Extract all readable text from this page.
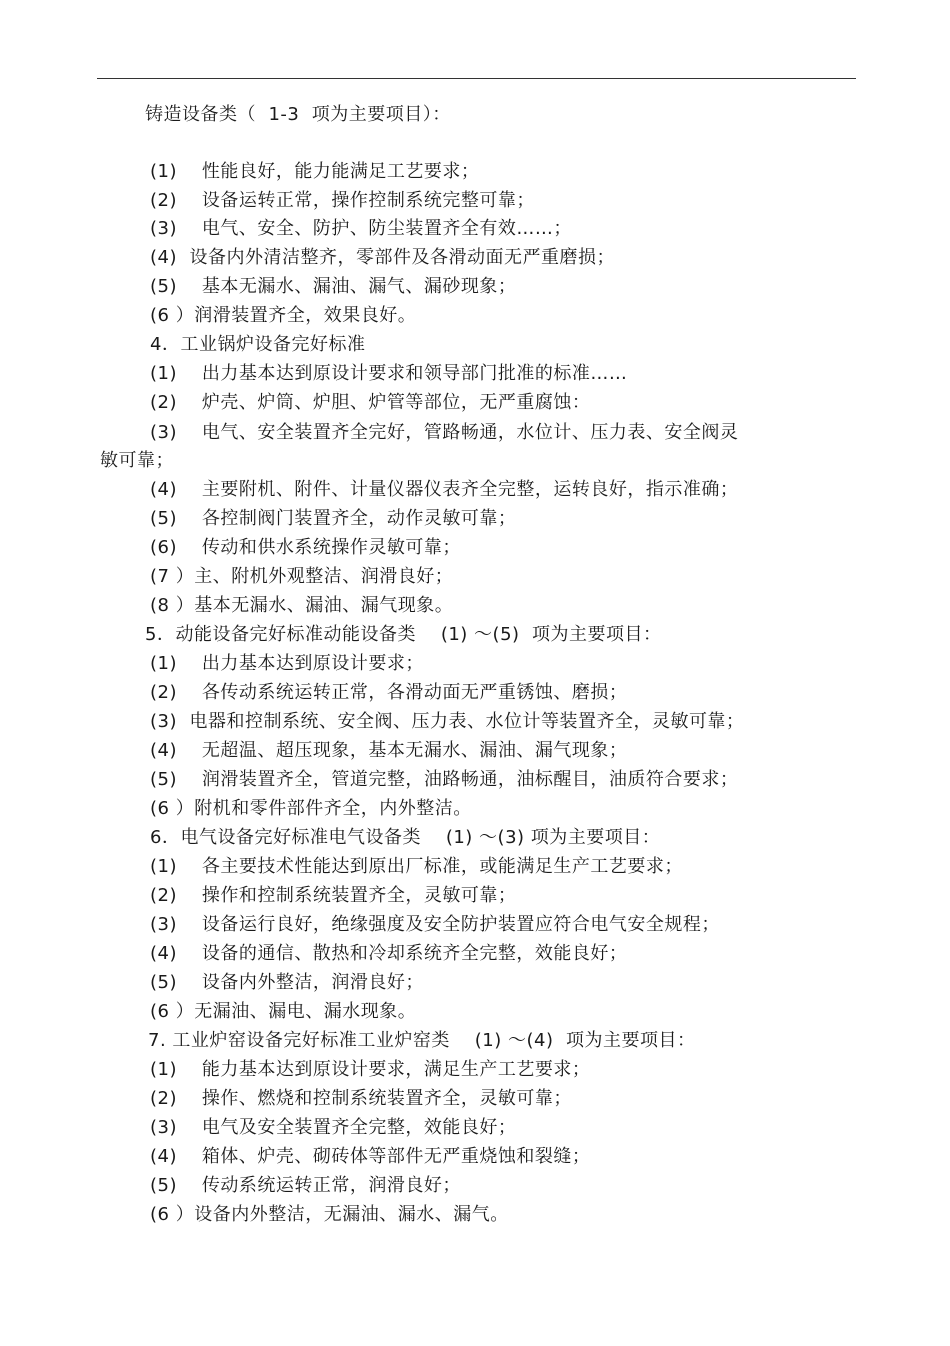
铸造设备类（  1-3  项为主要项目）：
(1)    性能良好，能力能满足工艺要求；
(2)    设备运转正常，操作控制系统完整可靠；
(3)    电气、安全、防护、防尘装置齐全有效……；
(4)  设备内外清洁整齐，零部件及各滑动面无严重磨损；
(5)    基本无漏水、漏油、漏气、漏砂现象；
(6 ）润滑装置齐全，效果良好。
4．工业锅炉设备完好标准
(1)    出力基本达到原设计要求和领导部门批准的标准……
(2)    炉壳、炉筒、炉胆、炉管等部位，无严重腐蚀：
(3)    电气、安全装置齐全完好，管路畅通，水位计、压力表、安全阀灵
敏可靠；
(4)    主要附机、附件、计量仪器仪表齐全完整，运转良好，指示准确；
(5)    各控制阀门装置齐全，动作灵敏可靠；
(6)    传动和供水系统操作灵敏可靠；
(7 ）主、附机外观整洁、润滑良好；
(8 ）基本无漏水、漏油、漏气现象。
5．动能设备完好标准动能设备类    (1) ～(5)  项为主要项目：
(1)    出力基本达到原设计要求；
(2)    各传动系统运转正常，各滑动面无严重锈蚀、磨损；
(3)  电器和控制系统、安全阀、压力表、水位计等装置齐全，灵敏可靠；
(4)    无超温、超压现象，基本无漏水、漏油、漏气现象；
(5)    润滑装置齐全，管道完整，油路畅通，油标醒目，油质符合要求；
(6 ）附机和零件部件齐全，内外整洁。
6．电气设备完好标准电气设备类    (1) ～(3) 项为主要项目：
(1)    各主要技术性能达到原出厂标准，或能满足生产工艺要求；
(2)    操作和控制系统装置齐全，灵敏可靠；
(3)    设备运行良好，绝缘强度及安全防护装置应符合电气安全规程；
(4)    设备的通信、散热和冷却系统齐全完整，效能良好；
(5)    设备内外整洁，润滑良好；
(6 ）无漏油、漏电、漏水现象。
7. 工业炉窑设备完好标准工业炉窑类    (1) ～(4)  项为主要项目：
(1)    能力基本达到原设计要求，满足生产工艺要求；
(2)    操作、燃烧和控制系统装置齐全，灵敏可靠；
(3)    电气及安全装置齐全完整，效能良好；
(4)    箱体、炉壳、砌砖体等部件无严重烧蚀和裂缝；
(5)    传动系统运转正常，润滑良好；
(6 ）设备内外整洁，无漏油、漏水、漏气。
